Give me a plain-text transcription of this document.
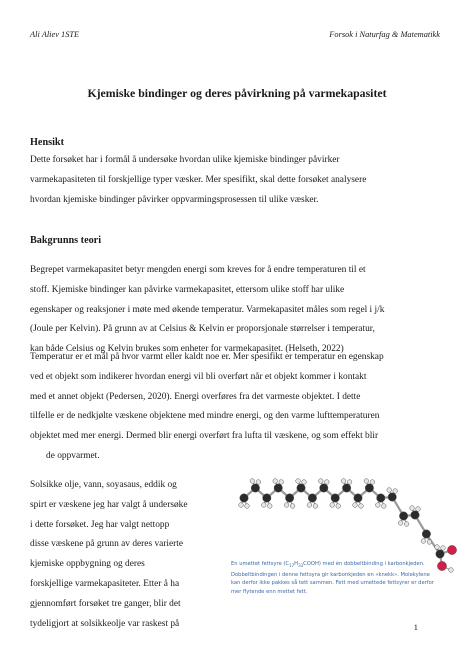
Ali Aliev 1STE	Forsok i Naturfag & Matematikk
Kjemiske bindinger og deres påvirkning på varmekapasitet
Hensikt

Dette forsøket har i formål å undersøke hvordan ulike kjemiske bindinger påvirker
varmekapasiteten til forskjellige typer væsker. Mer spesifikt, skal dette forsøket analysere
hvordan kjemiske bindinger påvirker oppvarmingsprosessen til ulike væsker.

Bakgrunns teori

Begrepet varmekapasitet betyr mengden energi som kreves for å endre temperaturen til et
stoff. Kjemiske bindinger kan påvirke varmekapasitet, ettersom ulike stoff har ulike
egenskaper og reaksjoner i møte med økende temperatur. Varmekapasitet måles som regel i j/k
(Joule per Kelvin). På grunn av at Celsius & Kelvin er proporsjonale størrelser i temperatur,
kan både Celsius og Kelvin brukes som enheter for varmekapasitet. (Helseth, 2022)

Temperatur er et mål på hvor varmt eller kaldt noe er. Mer spesifikt er temperatur en egenskap
ved et objekt som indikerer hvordan energi vil bli overført når et objekt kommer i kontakt
med et annet objekt (Pedersen, 2020). Energi overføres fra det varmeste objektet. I dette
tilfelle er de nedkjølte væskene objektene med mindre energi, og den varme lufttemperaturen
objektet med mer energi. Dermed blir energi overført fra lufta til væskene, og som effekt blir
de oppvarmet.

Solsikke olje, vann, soyasaus, eddik og
spirt er væskene jeg har valgt å undersøke
i dette forsøket. Jeg har valgt nettopp
disse væskene på grunn av deres varierte
kjemiske oppbygning og deres
forskjellige varmekapasiteter. Etter å ha
gjennomført forsøket tre ganger, blir det
tydeligjort at solsikkeolje var raskest på

En umettet fettsyre $(C_{17}H_{33}COOH)$ med én dobbeltbinding i karbonkjeden.
Dobbeltbindingen i denne fettsyra gir karbonkjeden en «knekk». Molekylene
kan derfor ikke pakkes så tett sammen. Fett med umettede fettsyrer er derfor
mer flytende enn mettet fett.
1
